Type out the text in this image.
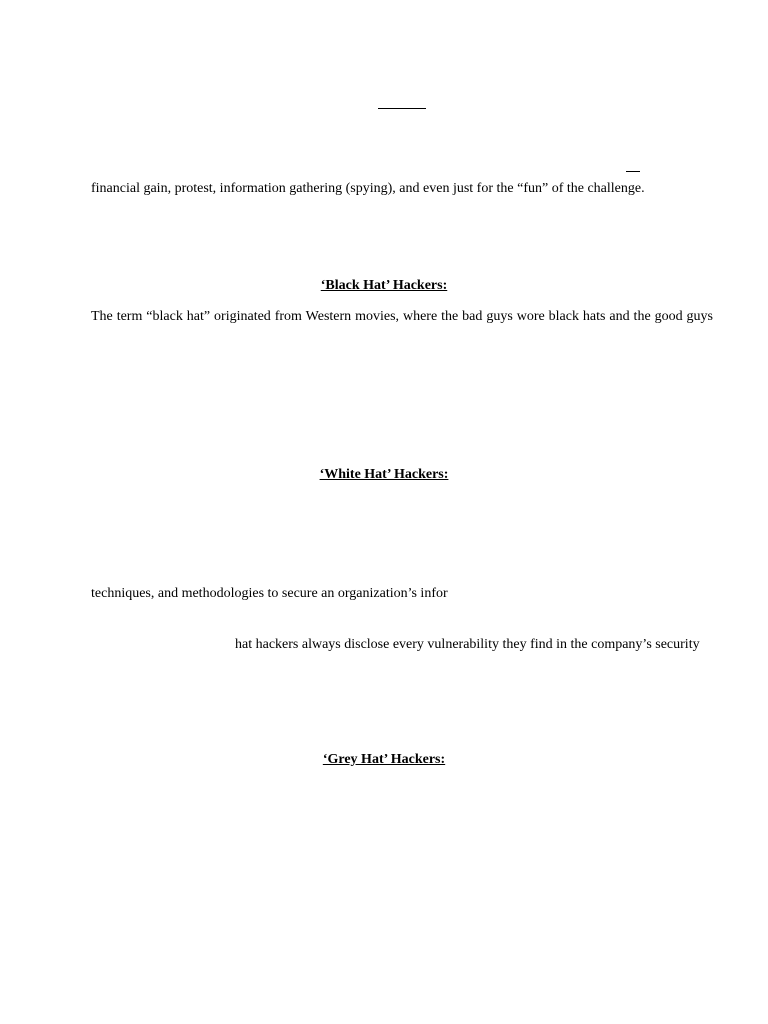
financial gain, protest, information gathering (spying), and even just for the “fun” of the challenge.
‘Black Hat’ Hackers:
The term “black hat” originated from Western movies, where the bad guys wore black hats and the good guys
‘White Hat’ Hackers:
techniques, and methodologies to secure an organization’s infor
hat hackers always disclose every vulnerability they find in the company’s security
‘Grey Hat’ Hackers:
